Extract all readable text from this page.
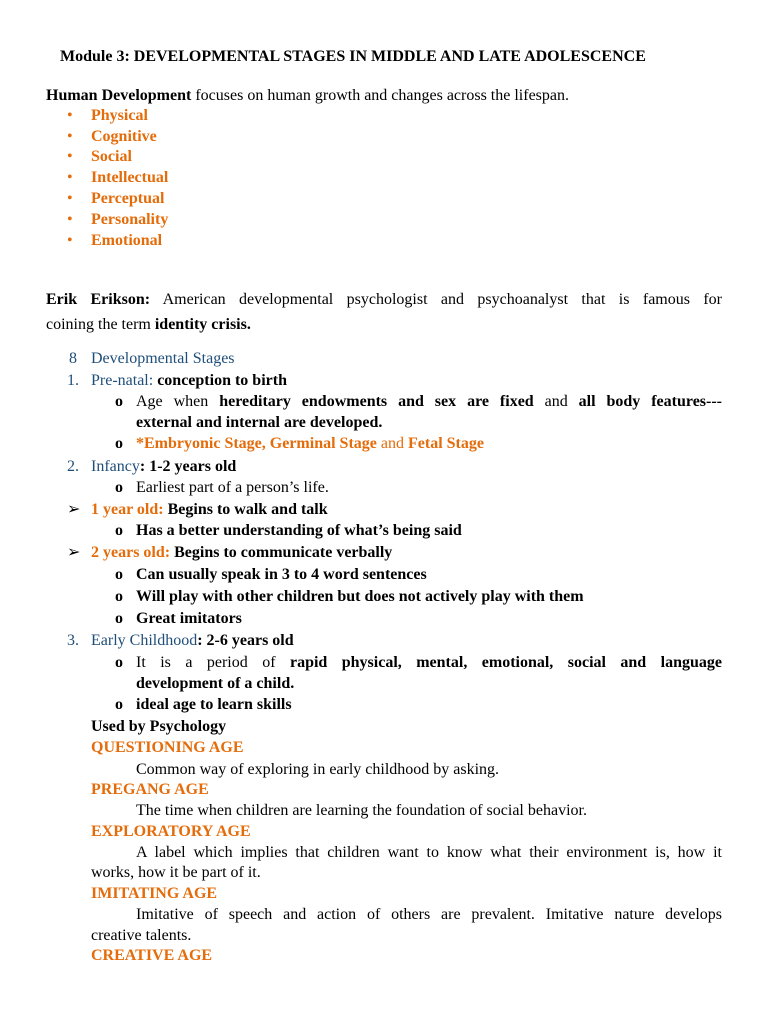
Module 3: DEVELOPMENTAL STAGES IN MIDDLE AND LATE ADOLESCENCE
Human Development focuses on human growth and changes across the lifespan.
• Physical
• Cognitive
• Social
• Intellectual
• Perceptual
• Personality
• Emotional
Erik Erikson: American developmental psychologist and psychoanalyst that is famous for
coining the term identity crisis.
8 Developmental Stages
1. Pre-natal: conception to birth
o Age when hereditary endowments and sex are fixed and all body features---
external and internal are developed.
o *Embryonic Stage, Germinal Stage and Fetal Stage
2. Infancy: 1-2 years old
o Earliest part of a person’s life.
➢ 1 year old: Begins to walk and talk
o Has a better understanding of what’s being said
➢ 2 years old: Begins to communicate verbally
o Can usually speak in 3 to 4 word sentences
o Will play with other children but does not actively play with them
o Great imitators
3. Early Childhood: 2-6 years old
o It is a period of rapid physical, mental, emotional, social and language
development of a child.
o ideal age to learn skills
Used by Psychology
QUESTIONING AGE
Common way of exploring in early childhood by asking.
PREGANG AGE
The time when children are learning the foundation of social behavior.
EXPLORATORY AGE
A label which implies that children want to know what their environment is, how it
works, how it be part of it.
IMITATING AGE
Imitative of speech and action of others are prevalent. Imitative nature develops
creative talents.
CREATIVE AGE
